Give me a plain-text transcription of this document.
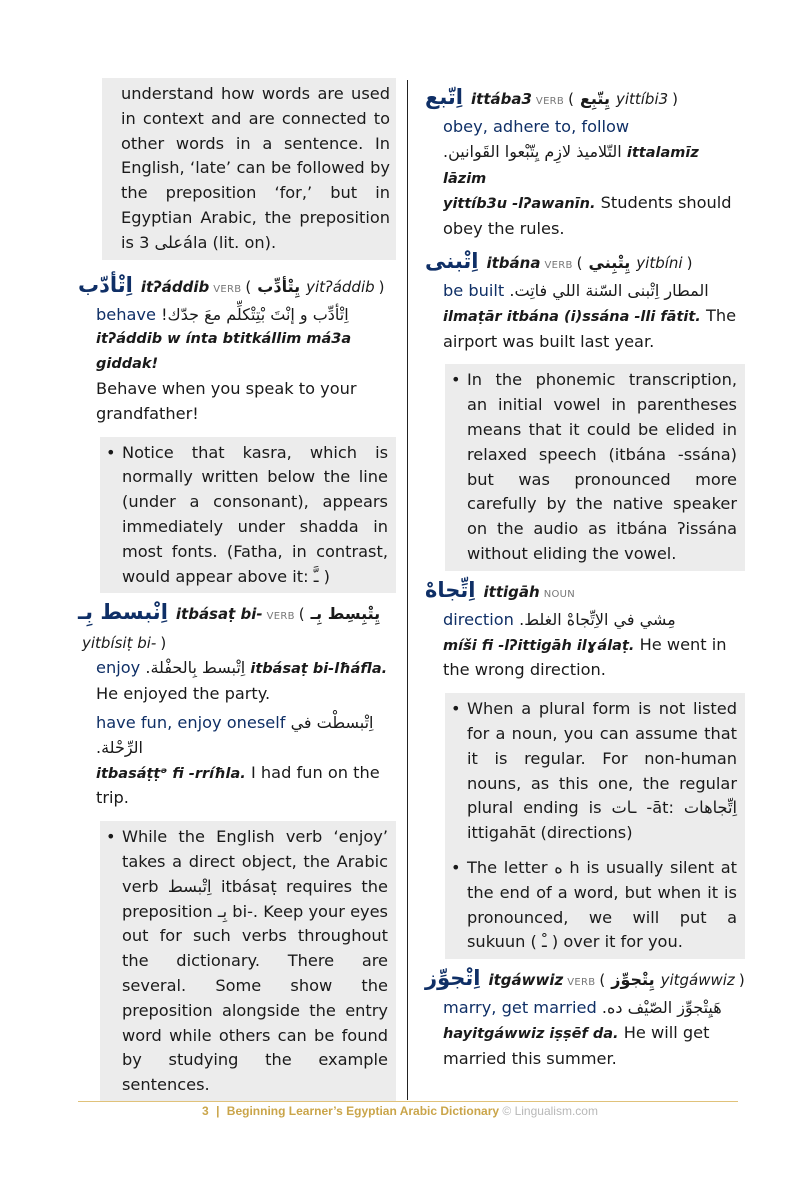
understand how words are used in context and are connected to other words in a sentence. In English, ‘late’ can be followed by the preposition ‘for,’ but in Egyptian Arabic, the preposition is على 3ála (lit. on).

اِتْأدّب itʔáddib VERB ( يِتْأدِّب yitʔáddib )
behave اِتْأدِّب و إنْتَ بْتِتْكلِّم معَ جدّك!
itʔáddib w ínta btitkállim má3a giddak!
Behave when you speak to your grandfather!
• Notice that kasra, which is normally written below the line (under a consonant), appears immediately under shadda in most fonts. (Fatha, in contrast, would appear above it: ـَّ )

اِنْبسط بِـ itbásaṭ bi- VERB ( يِتْبِسِط بِـ
yitbísiṭ bi- )
enjoy اِتْبسط بِالحفْلة. itbásaṭ bi-lħáfla.
He enjoyed the party.
have fun, enjoy oneself اِتْبسطْت في الرِّحْلة.
itbasáṭṭᵊ fi -rríħla. I had fun on the trip.
• While the English verb ‘enjoy’ takes a direct object, the Arabic verb اِتْبسط itbásaṭ requires the preposition بِـ bi-. Keep your eyes out for such verbs throughout the dictionary. There are several. Some show the preposition alongside the entry word while others can be found by studying the example sentences.

اِتّبع ittába3 VERB ( يِتّبِع yittíbi3 )
obey, adhere to, follow
التّلاميذ لازِم يِتّبْعوا القَوانين. ittalamīz lāzim
yittíb3u -lʔawanīn. Students should obey the rules.
اِتْبنى itbána VERB ( يِتْبِني yitbíni )
be built المطار اِتْبنى السّنة اللي فاتِت.
ilmaṭār itbána (i)ssána -lli fātit. The airport was built last year.
• In the phonemic transcription, an initial vowel in parentheses means that it could be elided in relaxed speech (itbána -ssána) but was pronounced more carefully by the native speaker on the audio as itbána ʔissána without eliding the vowel.

اِتِّجاهْ ittigāh NOUN
direction مِشي في الاِتِّجاهْ الغلط.
míši fi -lʔittigāh ilɣálaṭ. He went in the wrong direction.
• When a plural form is not listed for a noun, you can assume that it is regular. For non-human nouns, as this one, the regular plural ending is ـات -āt: اِتِّجاهات ittigahāt (directions)

• The letter ه h is usually silent at the end of a word, but when it is pronounced, we will put a sukuun ( ـْ ) over it for you.

اِتْجوِّز itgáwwiz VERB ( يِتْجوِّز yitgáwwiz )
marry, get married هَيِتْجوِّز الصّيْف ده.
hayitgáwwiz iṣṣēf da. He will get married this summer.
3 | Beginning Learner’s Egyptian Arabic Dictionary © Lingualism.com
